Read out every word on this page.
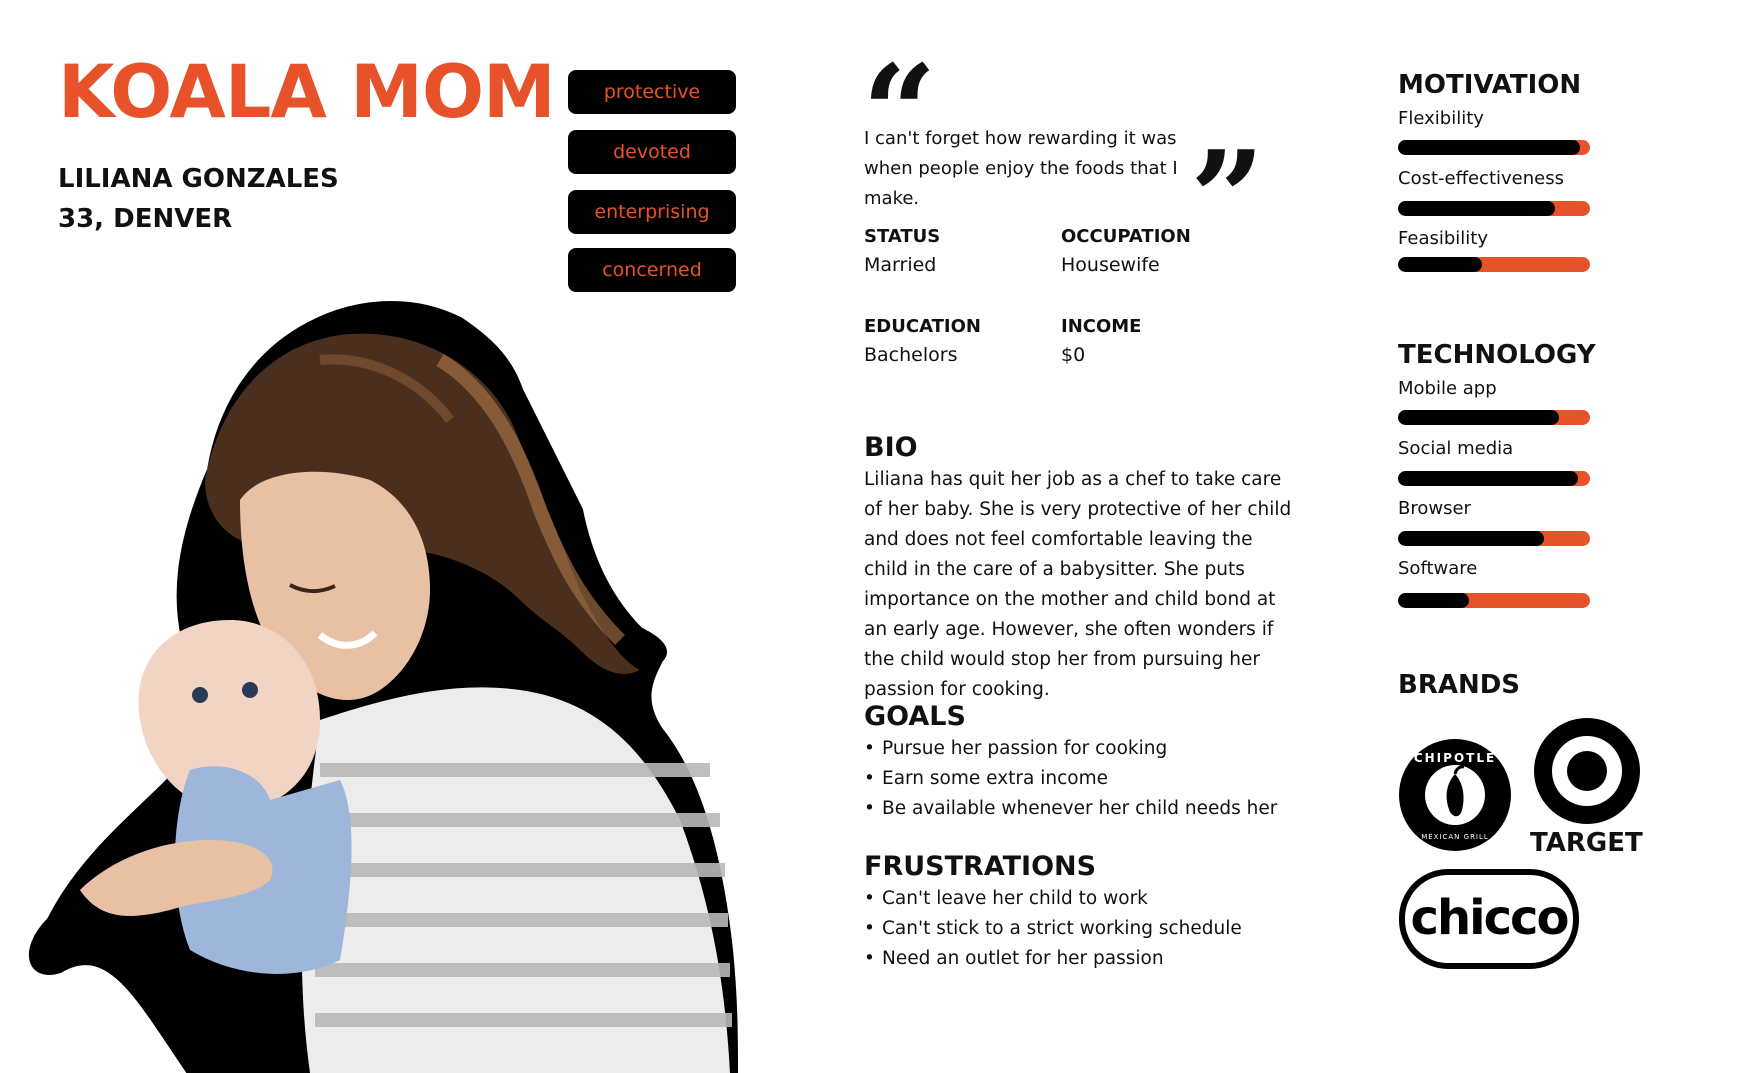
KOALA MOM
LILIANA GONZALES
33, DENVER
protective
devoted
enterprising
concerned
“
I can't forget how rewarding it was when people enjoy the foods that I make.	”
STATUS
Married
OCCUPATION
Housewife
EDUCATION
Bachelors
INCOME
$0
BIO
Liliana has quit her job as a chef to take care of her baby. She is very protective of her child and does not feel comfortable leaving the child in the care of a babysitter. She puts importance on the mother and child bond at an early age. However, she often wonders if the child would stop her from pursuing her passion for cooking.
GOALS
• Pursue her passion for cooking
• Earn some extra income
• Be available whenever her child needs her
FRUSTRATIONS
• Can't leave her child to work
• Can't stick to a strict working schedule
• Need an outlet for her passion
MOTIVATION
Flexibility
Cost-effectiveness
Feasibility
TECHNOLOGY
Mobile app
Social media
Browser
Software
BRANDS
CHIPOTLE
MEXICAN GRILL TARGET
chicco
